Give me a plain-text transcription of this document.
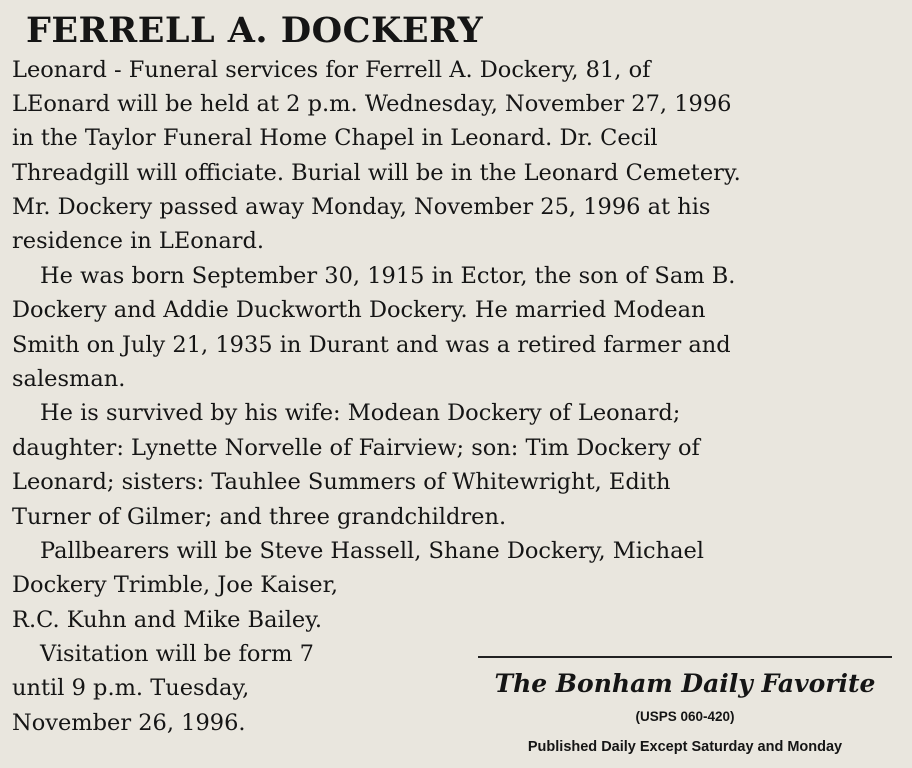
FERRELL A. DOCKERY
Leonard - Funeral services for Ferrell A. Dockery, 81, of
LEonard will be held at 2 p.m. Wednesday, November 27, 1996
in the Taylor Funeral Home Chapel in Leonard. Dr. Cecil
Threadgill will officiate. Burial will be in the Leonard Cemetery.
Mr. Dockery passed away Monday, November 25, 1996 at his
residence in LEonard.
He was born September 30, 1915 in Ector, the son of Sam B.
Dockery and Addie Duckworth Dockery. He married Modean
Smith on July 21, 1935 in Durant and was a retired farmer and
salesman.
He is survived by his wife: Modean Dockery of Leonard;
daughter: Lynette Norvelle of Fairview; son: Tim Dockery of
Leonard; sisters: Tauhlee Summers of Whitewright, Edith
Turner of Gilmer; and three grandchildren.
Pallbearers will be Steve Hassell, Shane Dockery, Michael
Dockery Trimble, Joe Kaiser,
R.C. Kuhn and Mike Bailey.
Visitation will be form 7
until 9 p.m. Tuesday,
November 26, 1996.
The Bonham Daily Favorite
(USPS 060-420)
Published Daily Except Saturday and Monday
